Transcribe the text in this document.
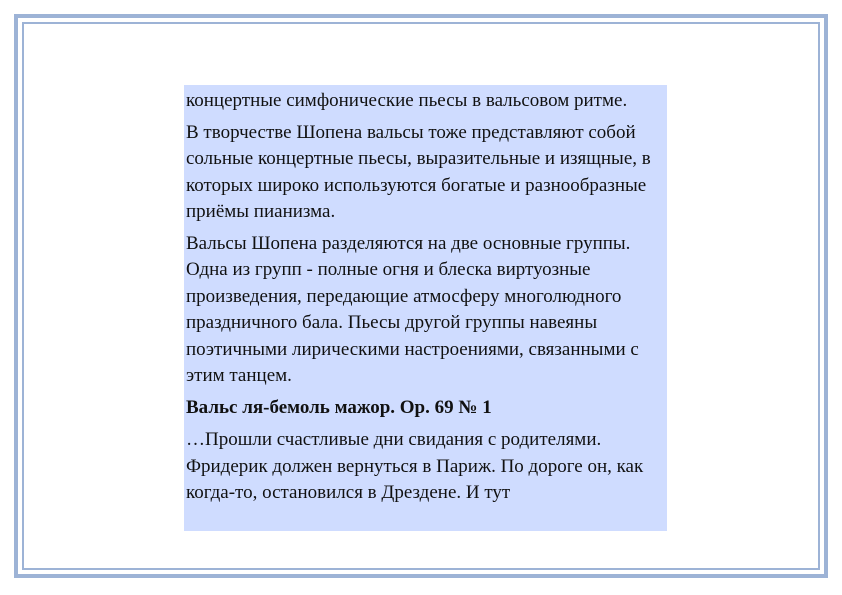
концертные симфонические пьесы в вальсовом ритме.

В творчестве Шопена вальсы тоже представляют собой сольные концертные пьесы, выразительные и изящные, в которых широко используются богатые и разнообразные приёмы пианизма.

Вальсы Шопена разделяются на две основные группы. Одна из групп - полные огня и блеска виртуозные произведения, передающие атмосферу многолюдного праздничного бала. Пьесы другой группы навеяны поэтичными лирическими настроениями, связанными с этим танцем.

Вальс ля-бемоль мажор. Op. 69 № 1

…Прошли счастливые дни свидания с родителями. Фридерик должен вернуться в Париж. По дороге он, как когда-то, остановился в Дрездене. И тут
